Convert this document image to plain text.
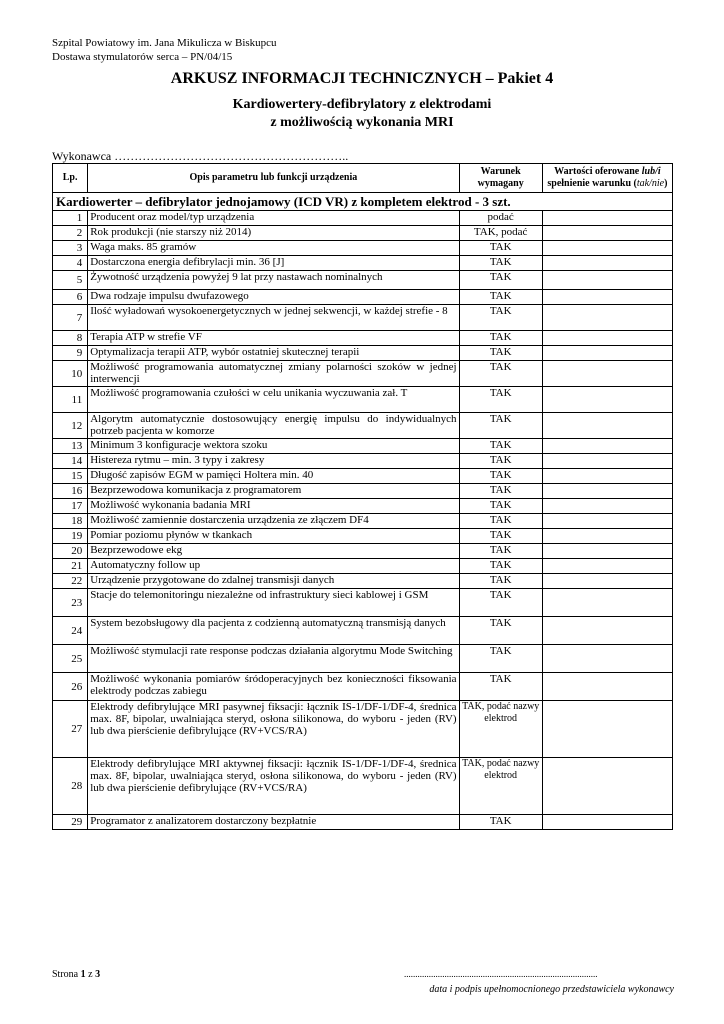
Szpital Powiatowy im. Jana Mikulicza w Biskupcu
Dostawa stymulatorów serca – PN/04/15
ARKUSZ INFORMACJI TECHNICZNYCH – Pakiet 4
Kardiowertery-defibrylatory z elektrodami
z możliwością wykonania MRI
Wykonawca …………………………………………………..
Lp.	Opis parametru lub funkcji urządzenia	Warunek wymagany	Wartości oferowane lub/i spełnienie warunku (tak/nie)
Kardiowerter – defibrylator jednojamowy (ICD VR) z kompletem elektrod - 3 szt.			
1	Producent oraz model/typ urządzenia	podać	
2	Rok produkcji (nie starszy niż 2014)	TAK, podać	
3	Waga maks. 85 gramów	TAK	
4	Dostarczona energia defibrylacji min. 36 [J]	TAK	
5	Żywotność urządzenia powyżej 9 lat przy nastawach nominalnych	TAK	
6	Dwa rodzaje impulsu dwufazowego	TAK	
7	Ilość wyładowań wysokoenergetycznych w jednej sekwencji, w każdej strefie - 8	TAK	
8	Terapia ATP w strefie VF	TAK	
9	Optymalizacja terapii ATP, wybór ostatniej skutecznej terapii	TAK	
10	Możliwość programowania automatycznej zmiany polarności szoków w jednej interwencji	TAK	
11	Możliwość programowania czułości w celu unikania wyczuwania zał. T	TAK	
12	Algorytm automatycznie dostosowujący energię impulsu do indywidualnych potrzeb pacjenta w komorze	TAK	
13	Minimum 3 konfiguracje wektora szoku	TAK	
14	Histereza rytmu – min. 3 typy i zakresy	TAK	
15	Długość zapisów EGM w pamięci Holtera min. 40	TAK	
16	Bezprzewodowa komunikacja z programatorem	TAK	
17	Możliwość wykonania badania MRI	TAK	
18	Możliwość zamiennie dostarczenia urządzenia ze złączem DF4	TAK	
19	Pomiar poziomu płynów w tkankach	TAK	
20	Bezprzewodowe ekg	TAK	
21	Automatyczny follow up	TAK	
22	Urządzenie przygotowane do zdalnej transmisji danych	TAK	
23	Stacje do telemonitoringu niezależne od infrastruktury sieci kablowej i GSM	TAK	
24	System bezobsługowy dla pacjenta z codzienną automatyczną transmisją danych	TAK	
25	Możliwość stymulacji rate response podczas działania algorytmu Mode Switching	TAK	
26	Możliwość wykonania pomiarów śródoperacyjnych bez konieczności fiksowania elektrody podczas zabiegu	TAK	
27	Elektrody defibrylujące MRI pasywnej fiksacji: łącznik IS-1/DF-1/DF-4, średnica max. 8F, bipolar, uwalniająca steryd, osłona silikonowa, do wyboru - jeden (RV) lub dwa pierścienie defibrylujące (RV+VCS/RA)	TAK, podać nazwy elektrod	
28	Elektrody defibrylujące MRI aktywnej fiksacji: łącznik IS-1/DF-1/DF-4, średnica max. 8F, bipolar, uwalniająca steryd, osłona silikonowa, do wyboru - jeden (RV) lub dwa pierścienie defibrylujące (RV+VCS/RA)	TAK, podać nazwy elektrod	
29	Programator z analizatorem dostarczony bezpłatnie	TAK	
Strona 1 z 3	......................................................................................
data i podpis upełnomocnionego przedstawiciela wykonawcy
